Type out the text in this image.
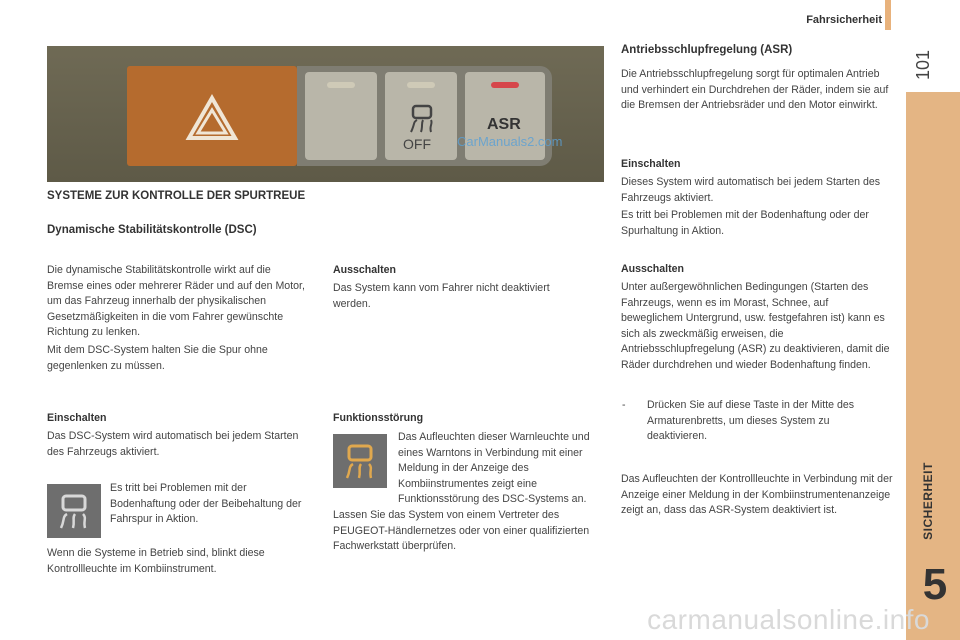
Fahrsicherheit
101
SICHERHEIT
5
OFF
ASR
CarManuals2.com
SYSTEME ZUR KONTROLLE DER SPURTREUE
Dynamische Stabilitätskontrolle (DSC)

Die dynamische Stabilitätskontrolle wirkt auf die Bremse eines oder mehrerer Räder und auf den Motor, um das Fahrzeug innerhalb der physikalischen Gesetzmäßigkeiten in die vom Fahrer gewünschte Richtung zu lenken.

Mit dem DSC-System halten Sie die Spur ohne gegenlenken zu müssen.

Einschalten

Das DSC-System wird automatisch bei jedem Starten des Fahrzeugs aktiviert.

Es tritt bei Problemen mit der Bodenhaftung oder der Beibehaltung der Fahrspur in Aktion.

Wenn die Systeme in Betrieb sind, blinkt diese Kontrollleuchte im Kombiinstrument.

Ausschalten

Das System kann vom Fahrer nicht deaktiviert werden.

Funktionsstörung

Das Aufleuchten dieser Warnleuchte und eines Warntons in Verbindung mit einer Meldung in der Anzeige des Kombiinstrumentes zeigt eine Funktionsstörung des DSC-Systems an.

Lassen Sie das System von einem Vertreter des PEUGEOT-Händlernetzes oder von einer qualifizierten Fachwerkstatt überprüfen.

Antriebsschlupfregelung (ASR)

Die Antriebsschlupfregelung sorgt für optimalen Antrieb und verhindert ein Durchdrehen der Räder, indem sie auf die Bremsen der Antriebsräder und den Motor einwirkt.

Einschalten

Dieses System wird automatisch bei jedem Starten des Fahrzeugs aktiviert.

Es tritt bei Problemen mit der Bodenhaftung oder der Spurhaltung in Aktion.

Ausschalten

Unter außergewöhnlichen Bedingungen (Starten des Fahrzeugs, wenn es im Morast, Schnee, auf beweglichem Untergrund, usw. festgefahren ist) kann es sich als zweckmäßig erweisen, die Antriebsschlupfregelung (ASR) zu deaktivieren, damit die Räder durchdrehen und wieder Bodenhaftung finden.

- Drücken Sie auf diese Taste in der Mitte des Armaturenbretts, um dieses System zu deaktivieren.

Das Aufleuchten der Kontrollleuchte in Verbindung mit der Anzeige einer Meldung in der Kombiinstrumentenanzeige zeigt an, dass das ASR-System deaktiviert ist.

carmanualsonline.info
